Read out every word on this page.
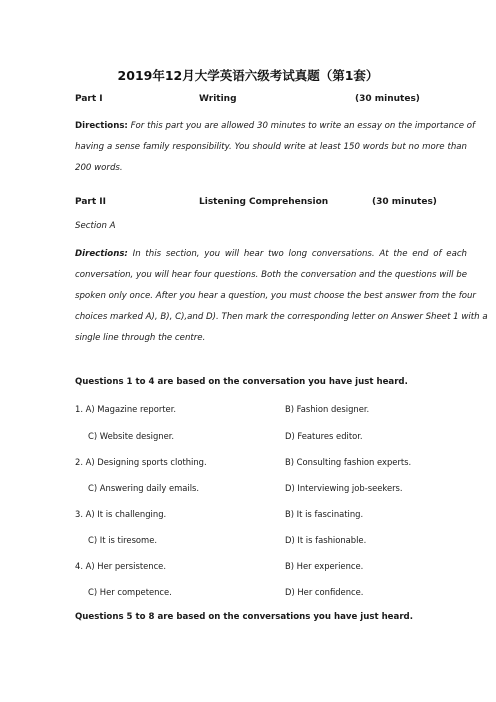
2019年12月大学英语六级考试真题（第1套）
Part I	Writing	(30 minutes)
Directions: For this part you are allowed 30 minutes to write an essay on the importance of
having a sense family responsibility. You should write at least 150 words but no more than
200 words.
Part II	Listening Comprehension	(30 minutes)
Section A
Directions: In this section, you will hear two long conversations. At the end of each
conversation, you will hear four questions. Both the conversation and the questions will be
spoken only once. After you hear a question, you must choose the best answer from the four
choices marked A), B), C),and D). Then mark the corresponding letter on Answer Sheet 1 with a
single line through the centre.
Questions 1 to 4 are based on the conversation you have just heard.
1. A) Magazine reporter.	B) Fashion designer.
C) Website designer.	D) Features editor.
2. A) Designing sports clothing.	B) Consulting fashion experts.
C) Answering daily emails.	D) Interviewing job-seekers.
3. A) It is challenging.	B) It is fascinating.
C) It is tiresome.	D) It is fashionable.
4. A) Her persistence.	B) Her experience.
C) Her competence.	D) Her confidence.
Questions 5 to 8 are based on the conversations you have just heard.
